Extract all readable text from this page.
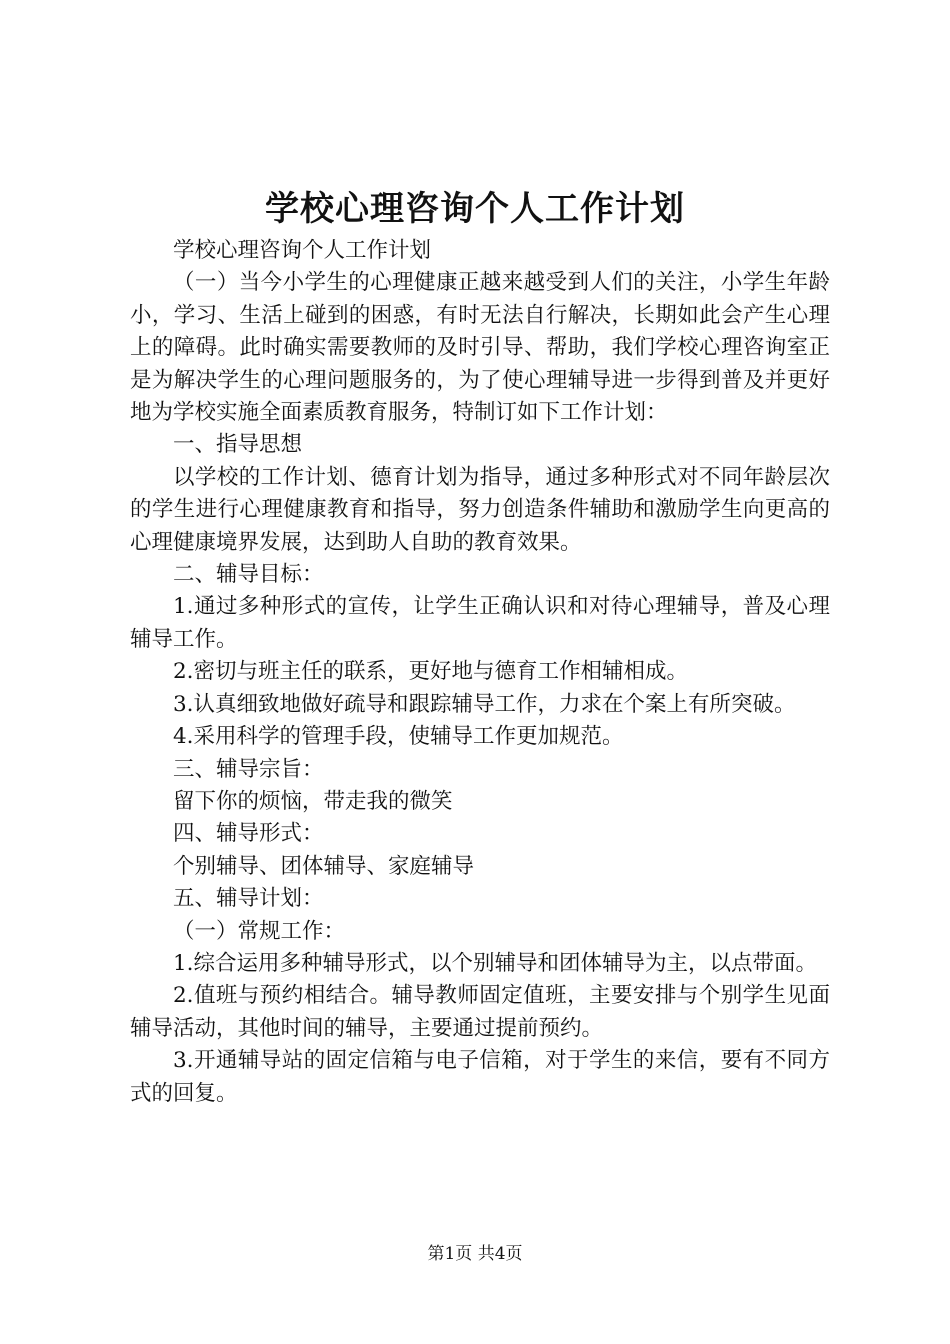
学校心理咨询个人工作计划

学校心理咨询个人工作计划

（一）当今小学生的心理健康正越来越受到人们的关注，小学生年龄小，学习、生活上碰到的困惑，有时无法自行解决，长期如此会产生心理上的障碍。此时确实需要教师的及时引导、帮助，我们学校心理咨询室正是为解决学生的心理问题服务的，为了使心理辅导进一步得到普及并更好地为学校实施全面素质教育服务，特制订如下工作计划：

一、指导思想

以学校的工作计划、德育计划为指导，通过多种形式对不同年龄层次的学生进行心理健康教育和指导，努力创造条件辅助和激励学生向更高的心理健康境界发展，达到助人自助的教育效果。

二、辅导目标：

1.通过多种形式的宣传，让学生正确认识和对待心理辅导，普及心理辅导工作。

2.密切与班主任的联系，更好地与德育工作相辅相成。

3.认真细致地做好疏导和跟踪辅导工作，力求在个案上有所突破。

4.采用科学的管理手段，使辅导工作更加规范。

三、辅导宗旨：

留下你的烦恼，带走我的微笑

四、辅导形式：

个别辅导、团体辅导、家庭辅导

五、辅导计划：

（一）常规工作：

1.综合运用多种辅导形式，以个别辅导和团体辅导为主，以点带面。

2.值班与预约相结合。辅导教师固定值班，主要安排与个别学生见面辅导活动，其他时间的辅导，主要通过提前预约。

3.开通辅导站的固定信箱与电子信箱，对于学生的来信，要有不同方式的回复。

第1页 共4页
